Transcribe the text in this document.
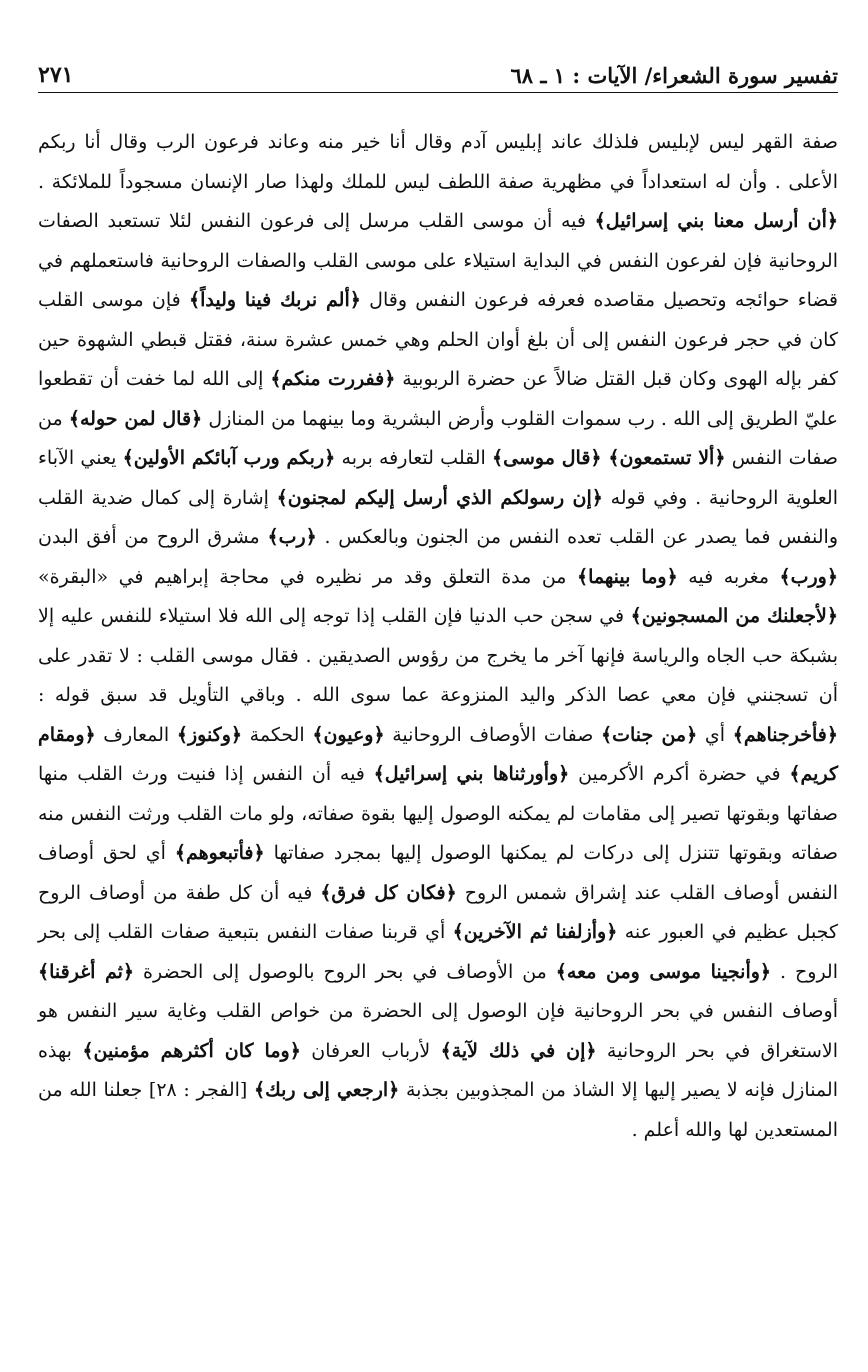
تفسير سورة الشعراء/ الآيات : ١ ـ ٦٨
٢٧١

صفة القهر ليس لإبليس فلذلك عاند إبليس آدم وقال أنا خير منه وعاند فرعون الرب وقال أنا ربكم الأعلى . وأن له استعداداً في مظهرية صفة اللطف ليس للملك ولهذا صار الإنسان مسجوداً للملائكة . ﴿أن أرسل معنا بني إسرائيل﴾ فيه أن موسى القلب مرسل إلى فرعون النفس لئلا تستعبد الصفات الروحانية فإن لفرعون النفس في البداية استيلاء على موسى القلب والصفات الروحانية فاستعملهم في قضاء حوائجه وتحصيل مقاصده فعرفه فرعون النفس وقال ﴿ألم نربك فينا وليداً﴾ فإن موسى القلب كان في حجر فرعون النفس إلى أن بلغ أوان الحلم وهي خمس عشرة سنة، فقتل قبطي الشهوة حين كفر بإله الهوى وكان قبل القتل ضالاً عن حضرة الربوبية ﴿ففررت منكم﴾ إلى الله لما خفت أن تقطعوا عليّ الطريق إلى الله . رب سموات القلوب وأرض البشرية وما بينهما من المنازل ﴿قال لمن حوله﴾ من صفات النفس ﴿ألا تستمعون﴾ ﴿قال موسى﴾ القلب لتعارفه بربه ﴿ربكم ورب آبائكم الأولين﴾ يعني الآباء العلوية الروحانية . وفي قوله ﴿إن رسولكم الذي أرسل إليكم لمجنون﴾ إشارة إلى كمال ضدية القلب والنفس فما يصدر عن القلب تعده النفس من الجنون وبالعكس . ﴿رب﴾ مشرق الروح من أفق البدن ﴿ورب﴾ مغربه فيه ﴿وما بينهما﴾ من مدة التعلق وقد مر نظيره في محاجة إبراهيم في «البقرة» ﴿لأجعلنك من المسجونين﴾ في سجن حب الدنيا فإن القلب إذا توجه إلى الله فلا استيلاء للنفس عليه إلا بشبكة حب الجاه والرياسة فإنها آخر ما يخرج من رؤوس الصديقين . فقال موسى القلب : لا تقدر على أن تسجنني فإن معي عصا الذكر واليد المنزوعة عما سوى الله . وباقي التأويل قد سبق قوله : ﴿فأخرجناهم﴾ أي ﴿من جنات﴾ صفات الأوصاف الروحانية ﴿وعيون﴾ الحكمة ﴿وكنوز﴾ المعارف ﴿ومقام كريم﴾ في حضرة أكرم الأكرمين ﴿وأورثناها بني إسرائيل﴾ فيه أن النفس إذا فنيت ورث القلب منها صفاتها وبقوتها تصير إلى مقامات لم يمكنه الوصول إليها بقوة صفاته، ولو مات القلب ورثت النفس منه صفاته وبقوتها تتنزل إلى دركات لم يمكنها الوصول إليها بمجرد صفاتها ﴿فأتبعوهم﴾ أي لحق أوصاف النفس أوصاف القلب عند إشراق شمس الروح ﴿فكان كل فرق﴾ فيه أن كل طفة من أوصاف الروح كجبل عظيم في العبور عنه ﴿وأزلفنا ثم الآخرين﴾ أي قربنا صفات النفس بتبعية صفات القلب إلى بحر الروح . ﴿وأنجينا موسى ومن معه﴾ من الأوصاف في بحر الروح بالوصول إلى الحضرة ﴿ثم أغرقنا﴾ أوصاف النفس في بحر الروحانية فإن الوصول إلى الحضرة من خواص القلب وغاية سير النفس هو الاستغراق في بحر الروحانية ﴿إن في ذلك لآية﴾ لأرباب العرفان ﴿وما كان أكثرهم مؤمنين﴾ بهذه المنازل فإنه لا يصير إليها إلا الشاذ من المجذوبين بجذبة ﴿ارجعي إلى ربك﴾ [الفجر : ٢٨] جعلنا الله من المستعدين لها والله أعلم .
